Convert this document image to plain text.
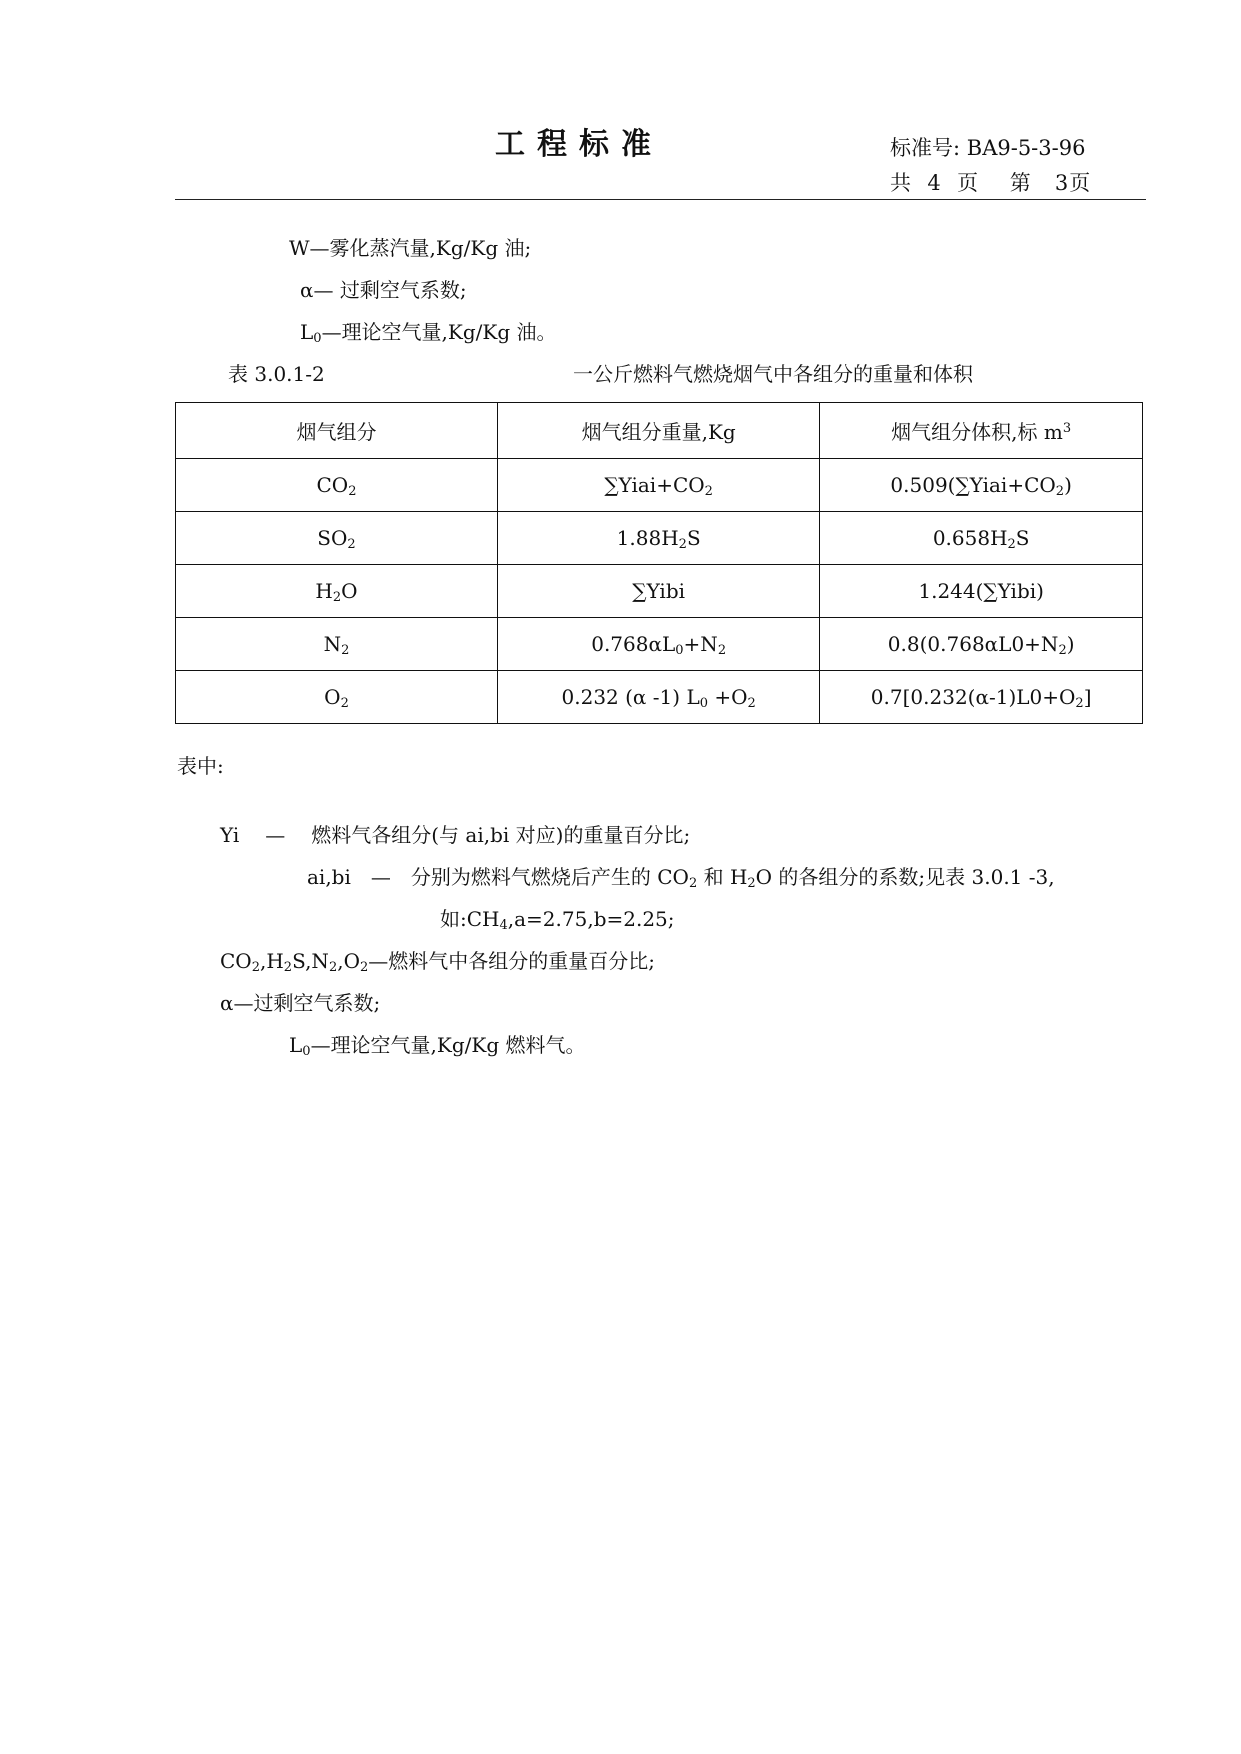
工程标准	标准号: BA9-5-3-96
共 4 页 第 3页
W—雾化蒸汽量,Kg/Kg 油;
α— 过剩空气系数;
$L_0—$理论空气量,Kg/Kg 油。
表 3.0.1-2	一公斤燃料气燃烧烟气中各组分的重量和体积
烟气组分	烟气组分重量,Kg	烟气组分体积,标 $m^3$
$CO_2$	$\sum Yiai+CO_2$	$0.509(\sum Yiai+CO_2)$
$SO_2$	$1.88H_2S$	$0.658H_2S$
$H_2O$	∑Yibi	1.244(∑Yibi)
$N_2$	$0.768\alpha L_0+N_2$	$0.8(0.768\alpha L0+N_2)$
$O_2$	0.232 (α -1) $L_0 +O_2$	$0.7[0.232(\alpha-1)L0+O_2]$
表中:
Yi — 燃料气各组分(与 ai,bi 对应)的重量百分比;
ai,bi — 分别为燃料气燃烧后产生的 $CO_2$ 和 $H_2O$ 的各组分的系数;见表 3.0.1 -3,
如$:CH_4,a=2.75,b=2.25$;
$CO_2,H_2S,N_2,O_2—$燃料气中各组分的重量百分比;
α—过剩空气系数;
$L_0—$理论空气量,Kg/Kg 燃料气。
